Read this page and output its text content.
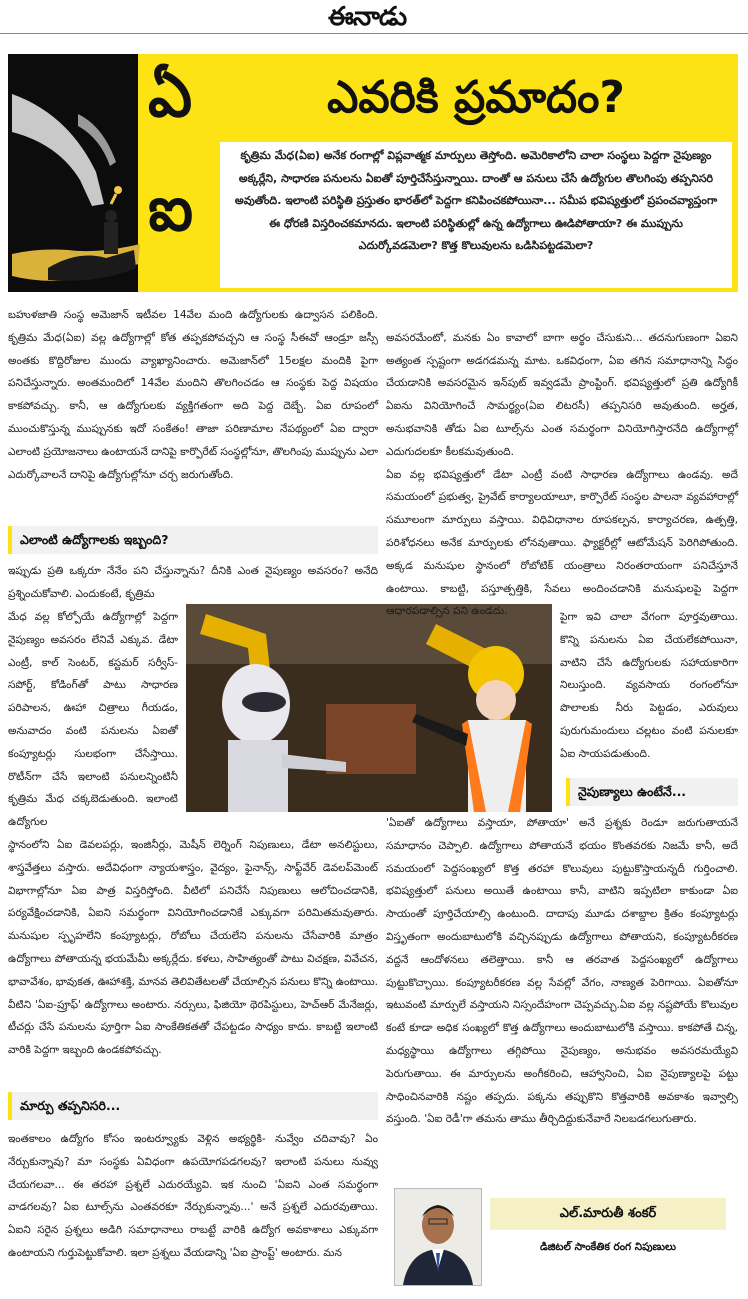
ఈనాడు
ఏ
ఐ
ఎవరికి ప్రమాదం?

కృత్రిమ మేధ(ఏఐ) అనేక రంగాల్లో విప్లవాత్మక మార్పులు తెస్తోంది. అమెరికాలోని చాలా సంస్థలు పెద్దగా నైపుణ్యం అక్కర్లేని, సాధారణ పనులను ఏఐతో పూర్తిచేసేస్తున్నాయి. దాంతో ఆ పనులు చేసే ఉద్యోగుల తొలగింపు తప్పనిసరి అవుతోంది. ఇలాంటి పరిస్థితి ప్రస్తుతం భారత్‌లో పెద్దగా కనిపించకపోయినా... సమీప భవిష్యత్తులో ప్రపంచవ్యాప్తంగా ఈ ధోరణి విస్తరించకమానదు. ఇలాంటి పరిస్థితుల్లో ఉన్న ఉద్యోగాలు ఊడిపోతాయా? ఈ ముప్పును ఎదుర్కోవడమెలా? కొత్త కొలువులను ఒడిసిపట్టడమెలా?

బహుళజాతి సంస్థ అమెజాన్ ఇటీవల 14వేల మంది ఉద్యోగులకు ఉద్వాసన పలికింది. కృత్రిమ మేధ(ఏఐ) వల్ల ఉద్యోగాల్లో కోత తప్పకపోవచ్చని ఆ సంస్థ సీఈవో ఆండ్రూ జస్సీ అంతకు కొద్దిరోజుల ముందు వ్యాఖ్యానించారు. అమెజాన్‌లో 15లక్షల మందికి పైగా పనిచేస్తున్నారు. అంతమందిలో 14వేల మందిని తొలగించడం ఆ సంస్థకు పెద్ద విషయం కాకపోవచ్చు. కానీ, ఆ ఉద్యోగులకు వ్యక్తిగతంగా అది పెద్ద దెబ్బే. ఏఐ రూపంలో ముంచుకొస్తున్న ముప్పునకు ఇదో సంకేతం! తాజా పరిణామాల నేపథ్యంలో ఏఐ ద్వారా ఎలాంటి ప్రయోజనాలు ఉంటాయనే దానిపై కార్పొరేట్ సంస్థల్లోనూ, తొలగింపు ముప్పును ఎలా ఎదుర్కోవాలనే దానిపై ఉద్యోగుల్లోనూ చర్చ జరుగుతోంది.

ఎలాంటి ఉద్యోగాలకు ఇబ్బంది?

ఇప్పుడు ప్రతి ఒక్కరూ నేనేం పని చేస్తున్నాను? దీనికి ఎంత నైపుణ్యం అవసరం? అనేది ప్రశ్నించుకోవాలి. ఎందుకంటే, కృత్రిమ

మేధ వల్ల కోల్పోయే ఉద్యోగాల్లో పెద్దగా నైపుణ్యం అవసరం లేనివే ఎక్కువ. డేటా ఎంట్రీ, కాల్ సెంటర్, కస్టమర్ సర్వీస్-సపోర్ట్, కోడింగ్‌తో పాటు సాధారణ పరిపాలన, ఊహా చిత్రాలు గీయడం, అనువాదం వంటి పనులను ఏఐతో కంప్యూటర్లు సులభంగా చేసేస్తాయి. రొటీన్‌గా చేసే ఇలాంటి పనులన్నింటినీ కృత్రిమ మేధ చక్కబెడుతుంది. ఇలాంటి ఉద్యోగుల

స్థానంలోని ఏఐ డెవలపర్లు, ఇంజినీర్లు, మెషీన్ లెర్నింగ్ నిపుణులు, డేటా అనలిస్టులు, శాస్త్రవేత్తలు వస్తారు. అదేవిధంగా న్యాయశాస్త్రం, వైద్యం, ఫైనాన్స్, సాఫ్ట్‌వేర్ డెవలప్‌మెంట్ విభాగాల్లోనూ ఏఐ పాత్ర విస్తరిస్తోంది. వీటిలో పనిచేసే నిపుణులు ఆలోచించడానికి, పర్యవేక్షించడానికి, ఏఐని సమర్థంగా వినియోగించడానికే ఎక్కువగా పరిమితమవుతారు. మనుషుల స్పృహలేని కంప్యూటర్లు, రోబోలు చేయలేని పనులను చేసేవారికి మాత్రం ఉద్యోగాలు పోతాయన్న భయమేమీ అక్కర్లేదు. కళలు, సాహిత్యంతో పాటు విచక్షణ, వివేచన, భావావేశం, భావుకత, ఊహాశక్తి, మానవ తెలివితేటలతో చేయాల్సిన పనులు కొన్ని ఉంటాయి. వీటిని 'ఏఐ-ప్రూఫ్' ఉద్యోగాలు అంటారు. నర్సులు, ఫిజియో థెరపిస్టులు, హెచ్‌ఆర్ మేనేజర్లు, టీచర్లు చేసే పనులను పూర్తిగా ఏఐ సాంకేతికతతో చేపట్టడం సాధ్యం కాదు. కాబట్టి ఇలాంటి వారికి పెద్దగా ఇబ్బంది ఉండకపోవచ్చు.

మార్పు తప్పనిసరి...

ఇంతకాలం ఉద్యోగం కోసం ఇంటర్వ్యూకు వెళ్లిన అభ్యర్థికి- నువ్వేం చదివావు? ఏం నేర్చుకున్నావు? మా సంస్థకు ఏవిధంగా ఉపయోగపడగలవు? ఇలాంటి పనులు నువ్వు చేయగలవా... ఈ తరహా ప్రశ్నలే ఎదురయ్యేవి. ఇక నుంచి 'ఏఐని ఎంత సమర్థంగా వాడగలవు? ఏఐ టూల్స్‌ను ఎంతవరకూ నేర్చుకున్నావు...' అనే ప్రశ్నలే ఎదురవుతాయి. ఏఐని సరైన ప్రశ్నలు అడిగి సమాధానాలు రాబట్టే వారికి ఉద్యోగ అవకాశాలు ఎక్కువగా ఉంటాయని గుర్తుపెట్టుకోవాలి. ఇలా ప్రశ్నలు వేయడాన్ని 'ఏఐ ప్రాంప్ట్' అంటారు. మన

అవసరమేంటో, మనకు ఏం కావాలో బాగా అర్థం చేసుకుని... తదనుగుణంగా ఏఐని అత్యంత స్పష్టంగా అడగడమన్న మాట. ఒకవిధంగా, ఏఐ తగిన సమాధానాన్ని సిద్ధం చేయడానికి అవసరమైన ఇన్‌పుట్ ఇవ్వడమే ప్రాంప్టింగ్. భవిష్యత్తులో ప్రతి ఉద్యోగికీ ఏఐను వినియోగించే సామర్థ్యం(ఏఐ లిటరసీ) తప్పనిసరి అవుతుంది. అర్హత, అనుభవానికి తోడు ఏఐ టూల్స్‌ను ఎంత సమర్థంగా వినియోగిస్తారనేది ఉద్యోగాల్లో ఎదుగుదలకూ కీలకమవుతుంది.
ఏఐ వల్ల భవిష్యత్తులో డేటా ఎంట్రీ వంటి సాధారణ ఉద్యోగాలు ఉండవు. అదే సమయంలో ప్రభుత్వ, ప్రైవేట్ కార్యాలయాలూ, కార్పొరేట్ సంస్థల పాలనా వ్యవహారాల్లో సమూలంగా మార్పులు వస్తాయి. విధివిధానాల రూపకల్పన, కార్యాచరణ, ఉత్పత్తి, పరిశోధనలు అనేక మార్పులకు లోనవుతాయి. ఫ్యాక్టరీల్లో ఆటోమేషన్ పెరిగిపోతుంది. అక్కడ మనుషుల స్థానంలో రోబోటిక్ యంత్రాలు నిరంతరాయంగా పనిచేస్తూనే ఉంటాయి. కాబట్టి, పస్తూత్పత్తికి, సేవలు అందించడానికి మనుషులపై పెద్దగా ఆధారపడాల్సిన పని ఉండదు.	పైగా ఇవి చాలా వేగంగా పూర్తవుతాయి. కొన్ని పనులను ఏఐ చేయలేకపోయినా, వాటిని చేసే ఉద్యోగులకు సహాయకారిగా నిలుస్తుంది. వ్యవసాయ రంగంలోనూ పొలాలకు నీరు పెట్టడం, ఎరువులు పురుగుమందులు చల్లటం వంటి పనులకూ ఏఐ సాయపడుతుంది.

నైపుణ్యాలు ఉంటేనే...

'ఏఐతో ఉద్యోగాలు వస్తాయా, పోతాయా' అనే ప్రశ్నకు రెండూ జరుగుతాయనే సమాధానం చెప్పాలి. ఉద్యోగాలు పోతాయనే భయం కొంతవరకు నిజమే కానీ, అదే సమయంలో పెద్దసంఖ్యలో కొత్త తరహా కొలువులు పుట్టుకొస్తాయన్నదీ గుర్తించాలి. భవిష్యత్తులో పనులు అయితే ఉంటాయి కానీ, వాటిని ఇప్పటిలా కాకుండా ఏఐ సాయంతో పూర్తిచేయాల్సి ఉంటుంది. దాదాపు మూడు దశాబ్దాల క్రితం కంప్యూటర్లు విస్తృతంగా అందుబాటులోకి వచ్చినప్పుడు ఉద్యోగాలు పోతాయని, కంప్యూటరీకరణ వద్దనే ఆందోళనలు తలెత్తాయి. కానీ ఆ తరవాత పెద్దసంఖ్యలో ఉద్యోగాలు పుట్టుకొచ్చాయి. కంప్యూటరీకరణ వల్ల సేవల్లో వేగం, నాణ్యత పెరిగాయి. ఏఐతోనూ ఇటువంటి మార్పులే వస్తాయని నిస్సందేహంగా చెప్పవచ్చు.ఏఐ వల్ల నష్టపోయే కొలువుల కంటే కూడా అధిక సంఖ్యలో కొత్త ఉద్యోగాలు అందుబాటులోకి వస్తాయి. కాకపోతే చిన్న, మధ్యస్థాయి ఉద్యోగాలు తగ్గిపోయి నైపుణ్యం, అనుభవం అవసరమయ్యేవి పెరుగుతాయి. ఈ మార్పులను అంగీకరించి, ఆహ్వానించి, ఏఐ నైపుణ్యాలపై పట్టు సాధించినవారికి నష్టం తప్పదు. పక్కను తప్పుకొని కొత్తవారికి అవకాశం ఇవ్వాల్సి వస్తుంది. 'ఏఐ రెడీ'గా తమను తాము తీర్చిదిద్దుకునేవారే నిలబడగలుగుతారు.

ఎల్.మారుతీ శంకర్
డిజిటల్ సాంకేతిక రంగ నిపుణులు
